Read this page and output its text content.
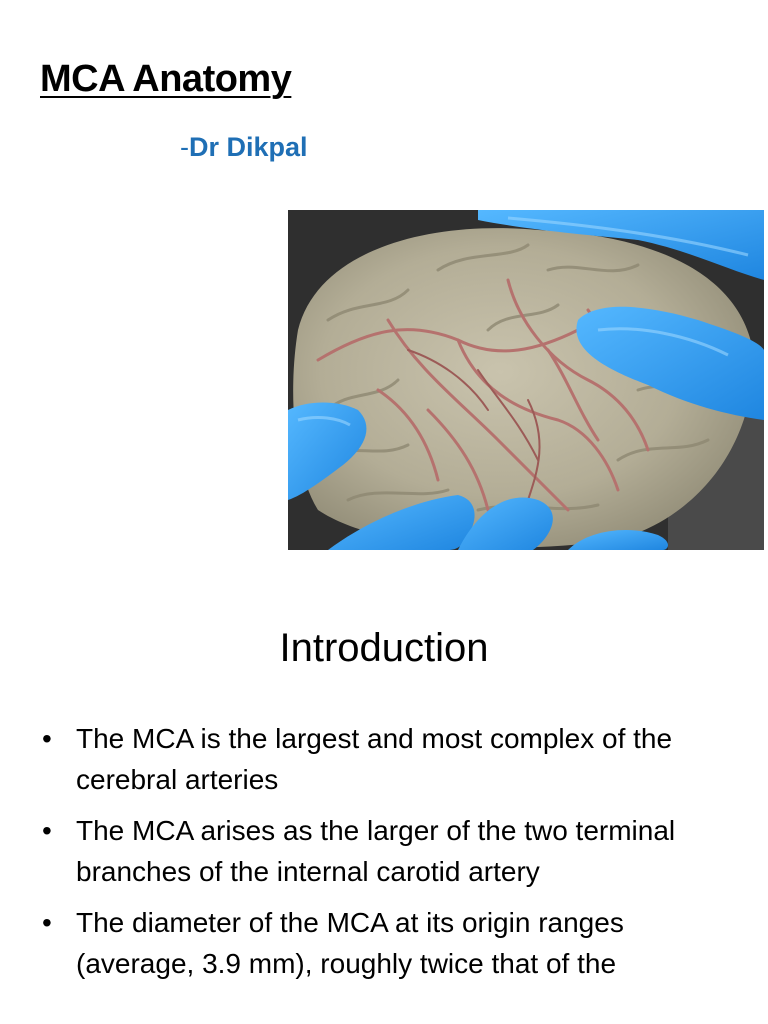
MCA Anatomy
-Dr Dikpal
Introduction
• The MCA is the largest and most complex of the cerebral arteries
• The MCA arises as the larger of the two terminal branches of the internal carotid artery
• The diameter of the MCA at its origin ranges (average, 3.9 mm), roughly twice that of the
